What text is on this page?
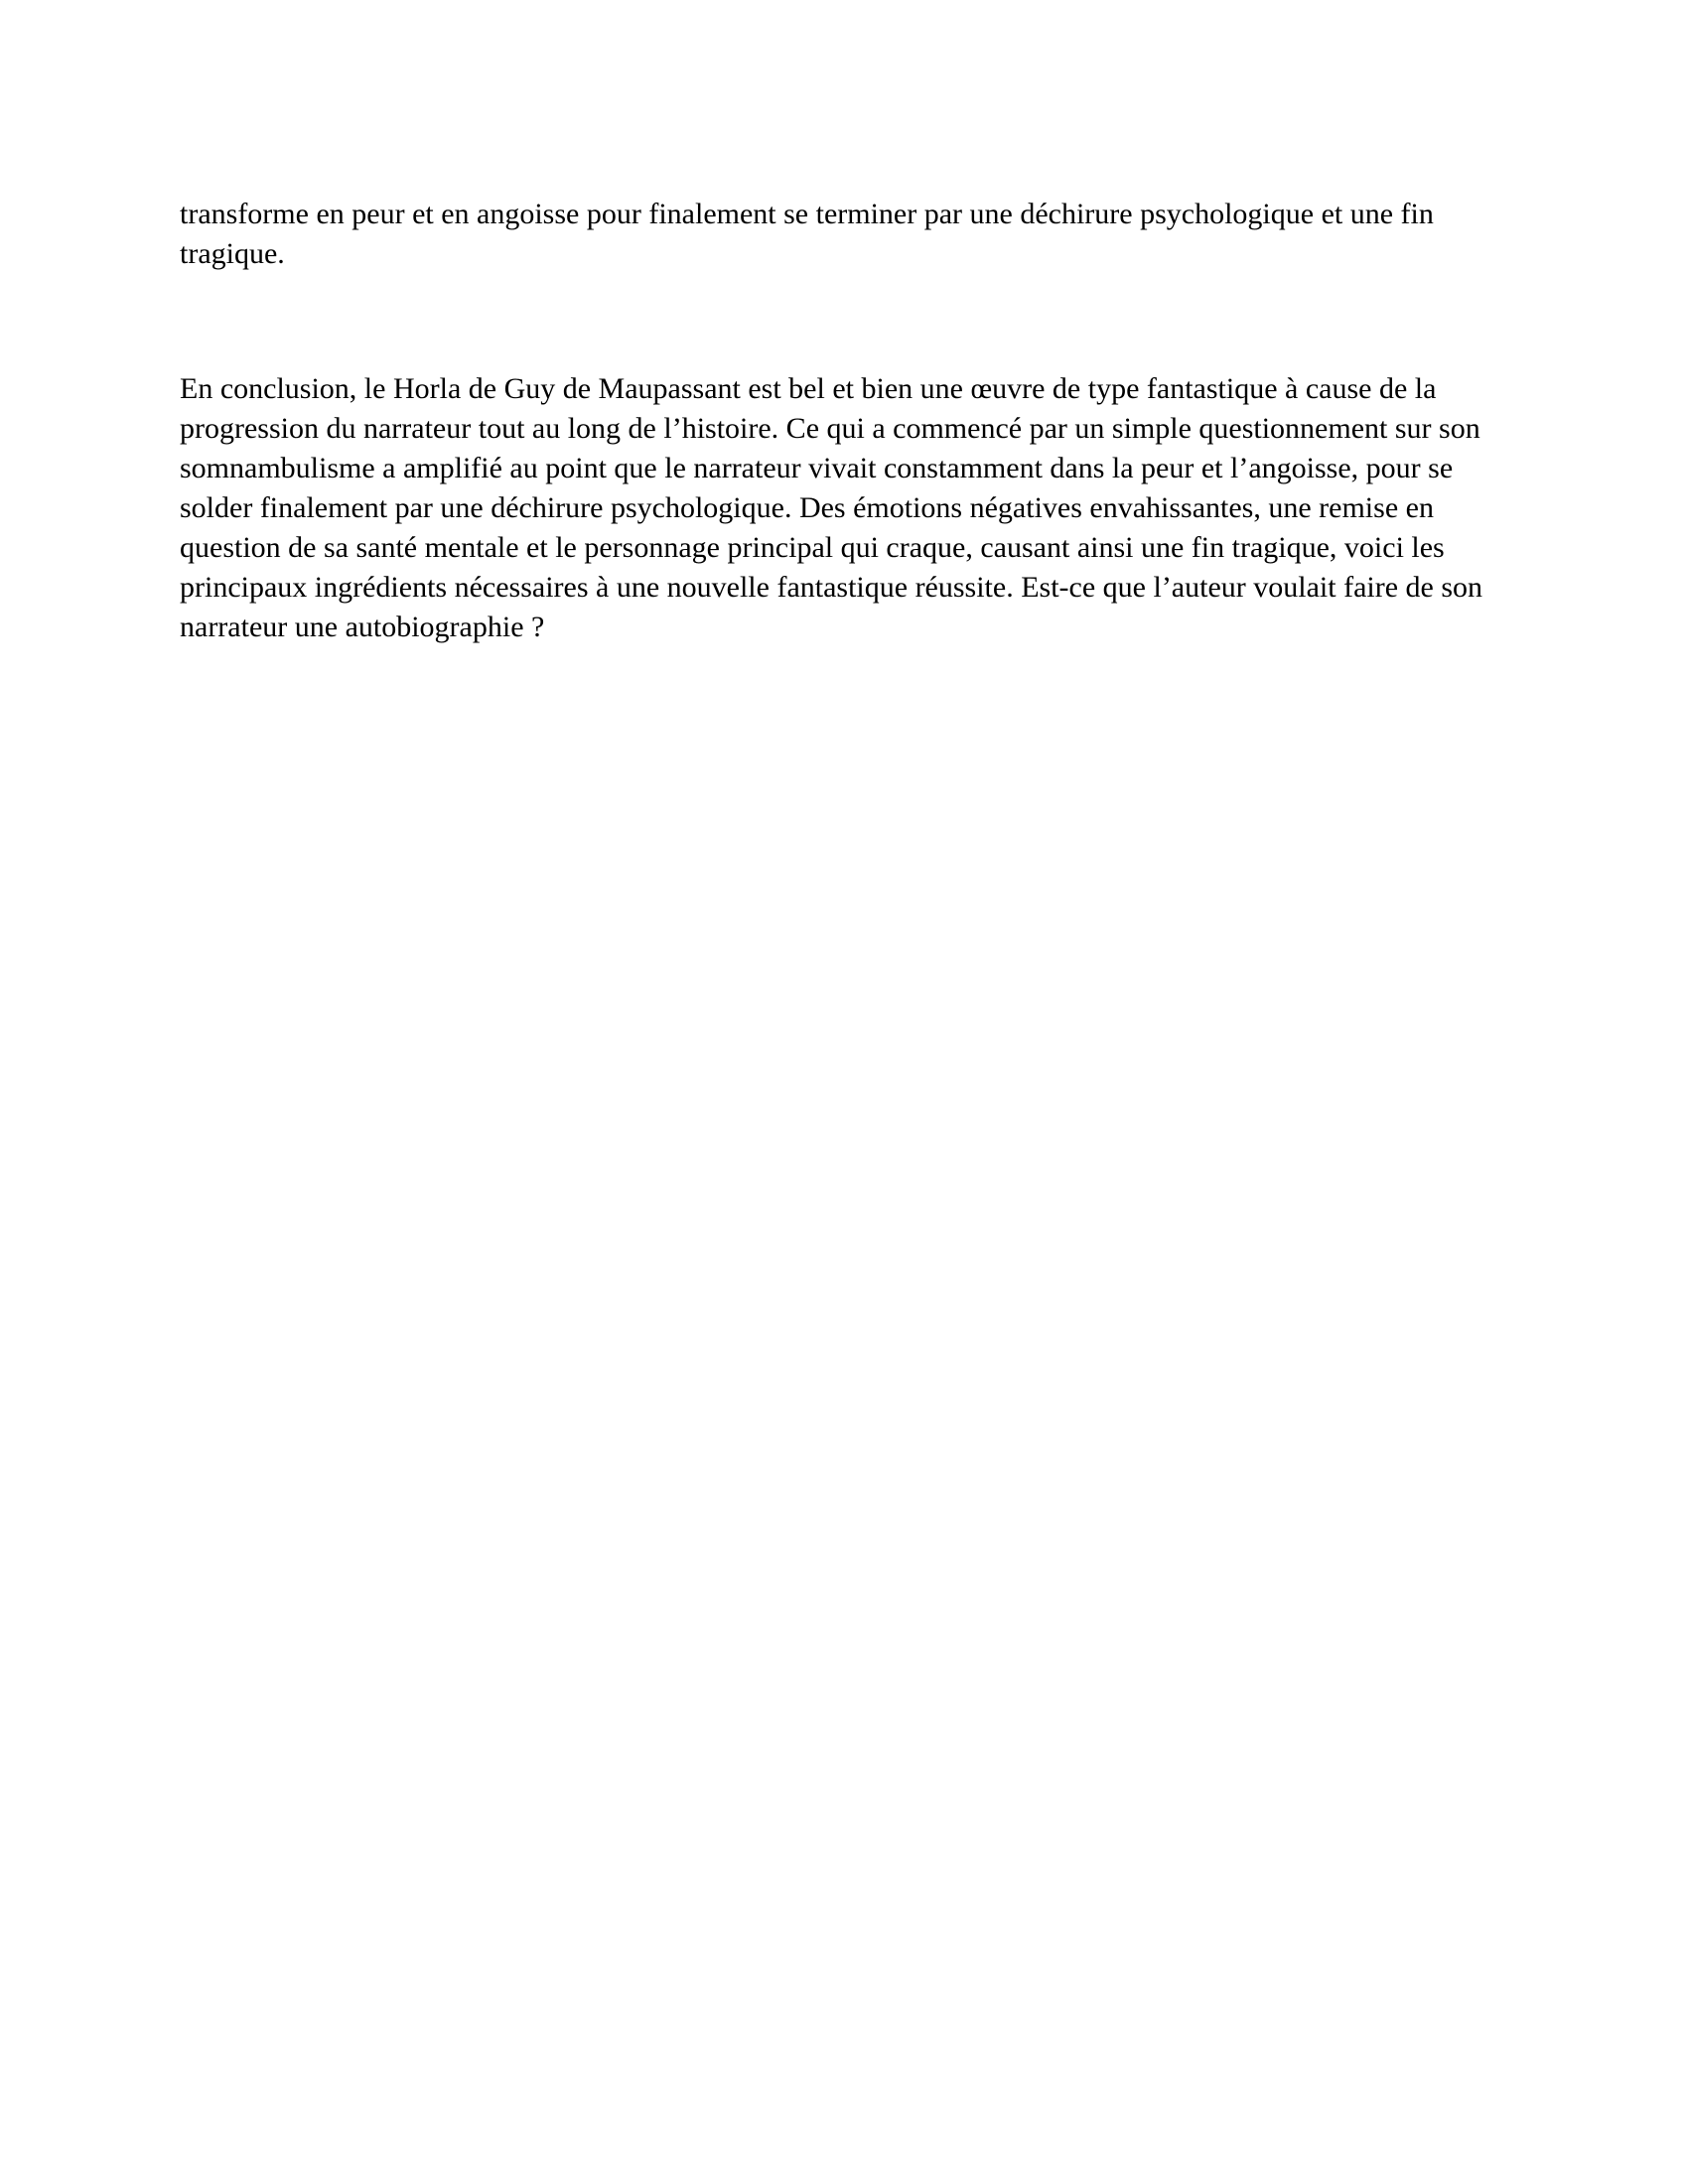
transforme en peur et en angoisse pour finalement se terminer par une déchirure psychologique et une fin
tragique.
En conclusion, le Horla de Guy de Maupassant est bel et bien une œuvre de type fantastique à cause de la
progression du narrateur tout au long de l’histoire. Ce qui a commencé par un simple questionnement sur son
somnambulisme a amplifié au point que le narrateur vivait constamment dans la peur et l’angoisse, pour se
solder finalement par une déchirure psychologique. Des émotions négatives envahissantes, une remise en
question de sa santé mentale et le personnage principal qui craque, causant ainsi une fin tragique, voici les
principaux ingrédients nécessaires à une nouvelle fantastique réussite. Est-ce que l’auteur voulait faire de son
narrateur une autobiographie ?
